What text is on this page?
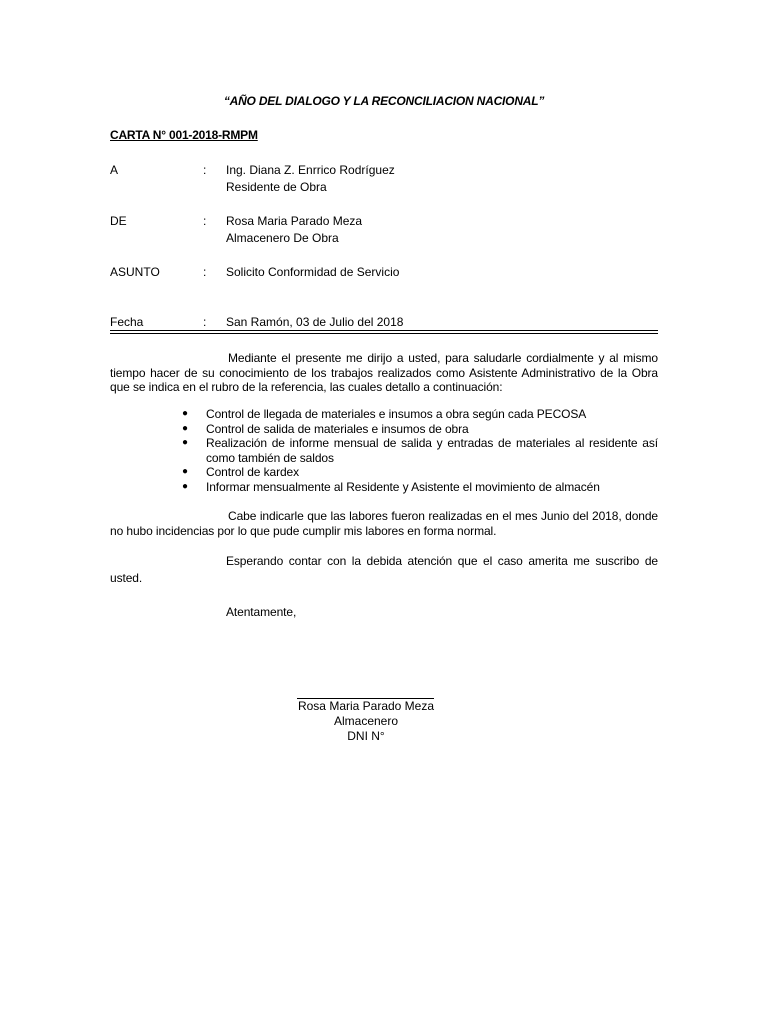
“AÑO DEL DIALOGO Y LA RECONCILIACION NACIONAL”
CARTA N° 001-2018-RMPM
A	: Ing. Diana Z. Enrrico Rodríguez
Residente de Obra
DE	: Rosa Maria Parado Meza
Almacenero De Obra
ASUNTO	: Solicito Conformidad de Servicio
Fecha	: San Ramón, 03 de Julio del 2018
Mediante el presente me dirijo a usted, para saludarle cordialmente y al mismo tiempo hacer de su conocimiento de los trabajos realizados como Asistente Administrativo de la Obra que se indica en el rubro de la referencia, las cuales detallo a continuación:
● Control de llegada de materiales e insumos a obra según cada PECOSA
● Control de salida de materiales e insumos de obra
● Realización de informe mensual de salida y entradas de materiales al residente así como también de saldos
● Control de kardex
● Informar mensualmente al Residente y Asistente el movimiento de almacén
Cabe indicarle que las labores fueron realizadas en el mes Junio del 2018, donde no hubo incidencias por lo que pude cumplir mis labores en forma normal.
Esperando contar con la debida atención que el caso amerita me suscribo de usted.
Atentamente,
Rosa Maria Parado Meza
Almacenero
DNI N°
